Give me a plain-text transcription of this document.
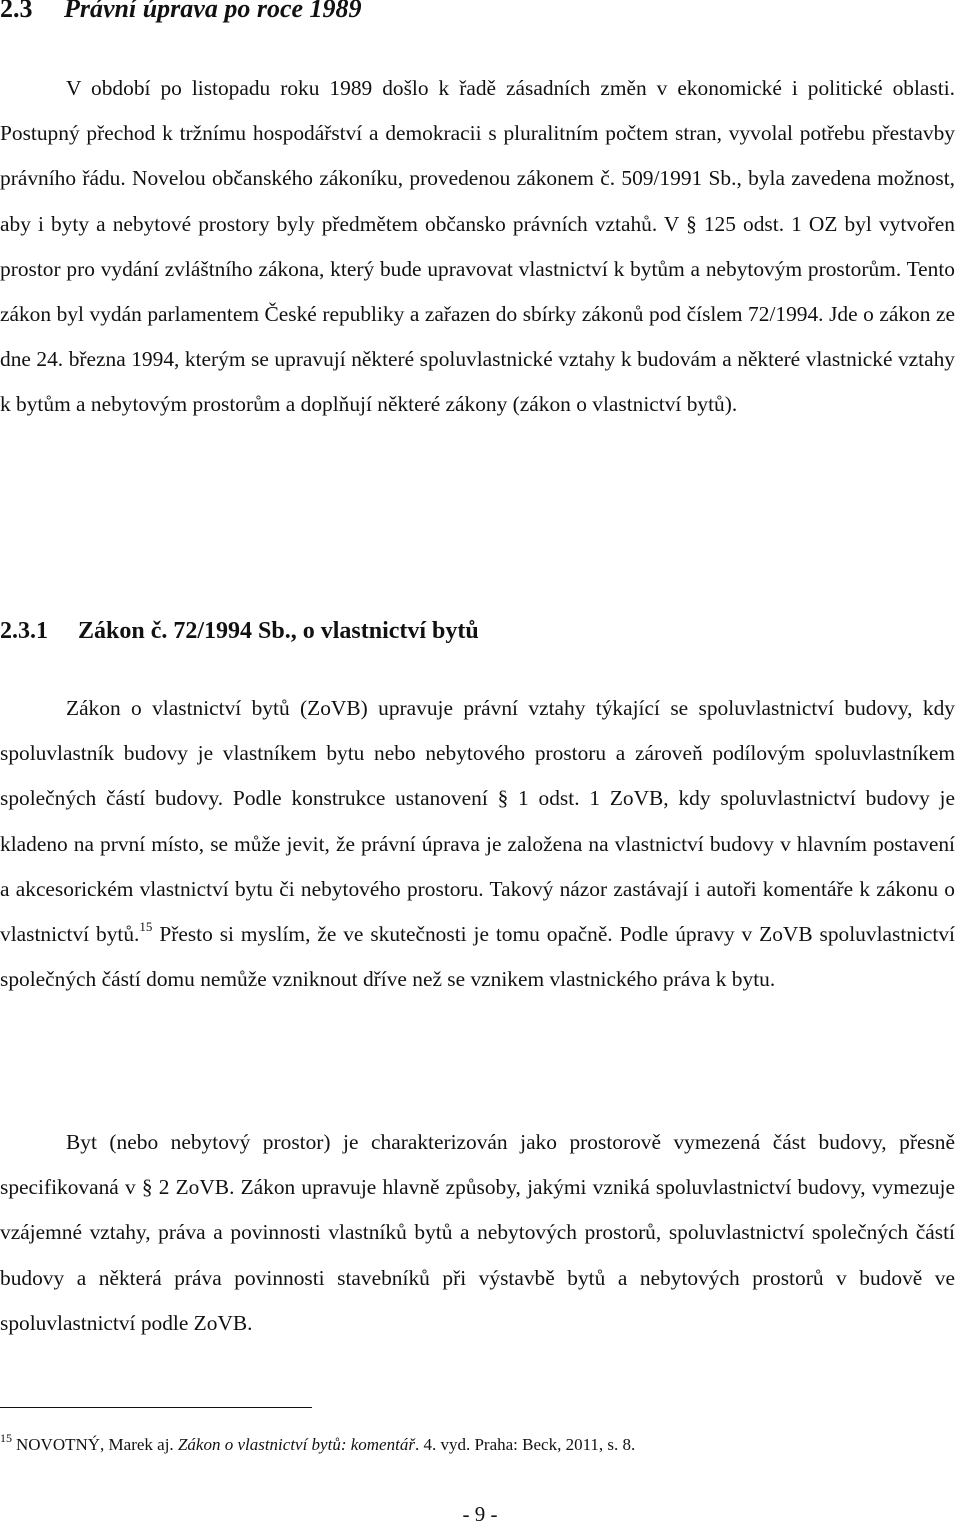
2.3 Právní úprava po roce 1989

V období po listopadu roku 1989 došlo k řadě zásadních změn v ekonomické i politické oblasti. Postupný přechod k tržnímu hospodářství a demokracii s pluralitním počtem stran, vyvolal potřebu přestavby právního řádu. Novelou občanského zákoníku, provedenou zákonem č. 509/1991 Sb., byla zavedena možnost, aby i byty a nebytové prostory byly předmětem občansko právních vztahů. V § 125 odst. 1 OZ byl vytvořen prostor pro vydání zvláštního zákona, který bude upravovat vlastnictví k bytům a nebytovým prostorům. Tento zákon byl vydán parlamentem České republiky a zařazen do sbírky zákonů pod číslem 72/1994. Jde o zákon ze dne 24. března 1994, kterým se upravují některé spoluvlastnické vztahy k budovám a některé vlastnické vztahy k bytům a nebytovým prostorům a doplňují některé zákony (zákon o vlastnictví bytů).

2.3.1 Zákon č. 72/1994 Sb., o vlastnictví bytů

Zákon o vlastnictví bytů (ZoVB) upravuje právní vztahy týkající se spoluvlastnictví budovy, kdy spoluvlastník budovy je vlastníkem bytu nebo nebytového prostoru a zároveň podílovým spoluvlastníkem společných částí budovy. Podle konstrukce ustanovení § 1 odst. 1 ZoVB, kdy spoluvlastnictví budovy je kladeno na první místo, se může jevit, že právní úprava je založena na vlastnictví budovy v hlavním postavení a akcesorickém vlastnictví bytu či nebytového prostoru. Takový názor zastávají i autoři komentáře k zákonu o vlastnictví bytů.$^{15}$ Přesto si myslím, že ve skutečnosti je tomu opačně. Podle úpravy v ZoVB spoluvlastnictví společných částí domu nemůže vzniknout dříve než se vznikem vlastnického práva k bytu.

Byt (nebo nebytový prostor) je charakterizován jako prostorově vymezená část budovy, přesně specifikovaná v § 2 ZoVB. Zákon upravuje hlavně způsoby, jakými vzniká spoluvlastnictví budovy, vymezuje vzájemné vztahy, práva a povinnosti vlastníků bytů a nebytových prostorů, spoluvlastnictví společných částí budovy a některá práva povinnosti stavebníků při výstavbě bytů a nebytových prostorů v budově ve spoluvlastnictví podle ZoVB.

$^{15}$ NOVOTNÝ, Marek aj. Zákon o vlastnictví bytů: komentář. 4. vyd. Praha: Beck, 2011, s. 8.

- 9 -
